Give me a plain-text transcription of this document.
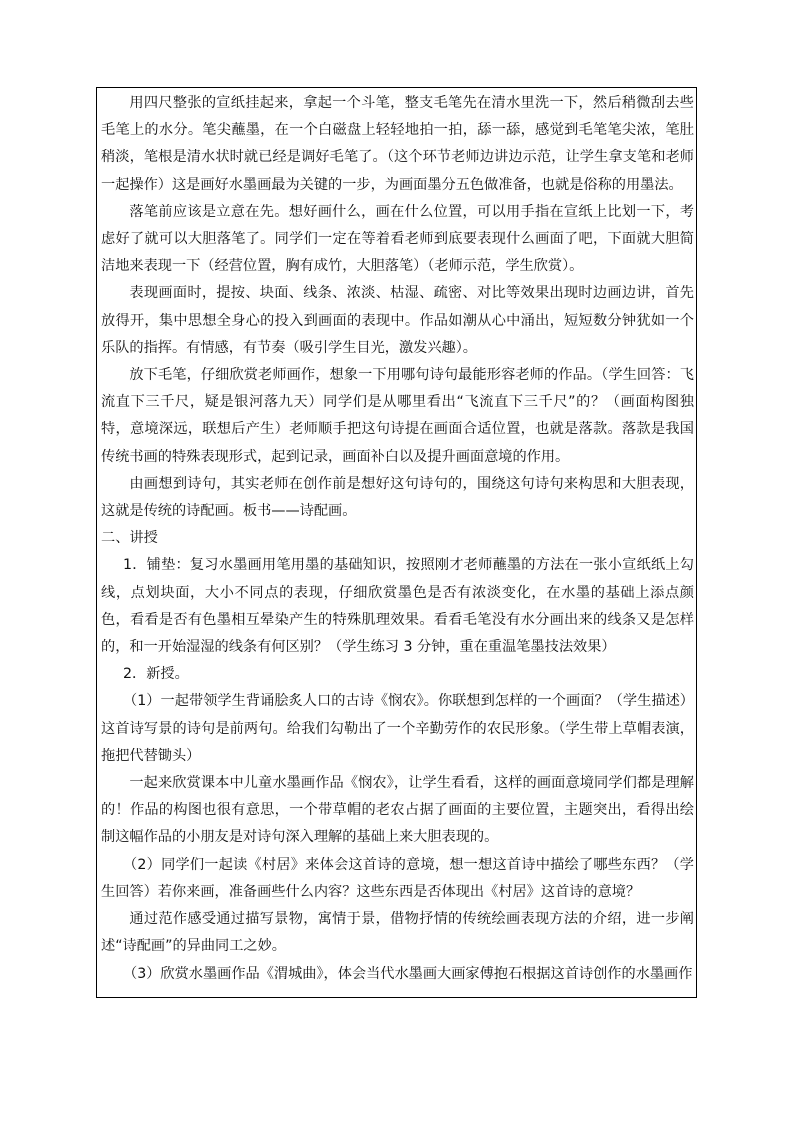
用四尺整张的宣纸挂起来，拿起一个斗笔，整支毛笔先在清水里洗一下，然后稍微刮去些毛笔上的水分。笔尖蘸墨，在一个白磁盘上轻轻地拍一拍，舔一舔，感觉到毛笔笔尖浓，笔肚稍淡，笔根是清水状时就已经是调好毛笔了。（这个环节老师边讲边示范，让学生拿支笔和老师一起操作）这是画好水墨画最为关键的一步，为画面墨分五色做准备，也就是俗称的用墨法。

落笔前应该是立意在先。想好画什么，画在什么位置，可以用手指在宣纸上比划一下，考虑好了就可以大胆落笔了。同学们一定在等着看老师到底要表现什么画面了吧，下面就大胆简洁地来表现一下（经营位置，胸有成竹，大胆落笔）（老师示范，学生欣赏）。

表现画面时，提按、块面、线条、浓淡、枯湿、疏密、对比等效果出现时边画边讲，首先放得开，集中思想全身心的投入到画面的表现中。作品如潮从心中涌出，短短数分钟犹如一个乐队的指挥。有情感，有节奏（吸引学生目光，激发兴趣）。

放下毛笔，仔细欣赏老师画作，想象一下用哪句诗句最能形容老师的作品。（学生回答：飞流直下三千尺，疑是银河落九天）同学们是从哪里看出“飞流直下三千尺”的？（画面构图独特，意境深远，联想后产生）老师顺手把这句诗提在画面合适位置，也就是落款。落款是我国传统书画的特殊表现形式，起到记录，画面补白以及提升画面意境的作用。

由画想到诗句，其实老师在创作前是想好这句诗句的，围绕这句诗句来构思和大胆表现，这就是传统的诗配画。板书——诗配画。

二、讲授

1．铺垫：复习水墨画用笔用墨的基础知识，按照刚才老师蘸墨的方法在一张小宣纸纸上勾线，点划块面，大小不同点的表现，仔细欣赏墨色是否有浓淡变化，在水墨的基础上添点颜色，看看是否有色墨相互晕染产生的特殊肌理效果。看看毛笔没有水分画出来的线条又是怎样的，和一开始湿湿的线条有何区别？（学生练习 3 分钟，重在重温笔墨技法效果）

2．新授。

（1）一起带领学生背诵脍炙人口的古诗《悯农》。你联想到怎样的一个画面？（学生描述）这首诗写景的诗句是前两句。给我们勾勒出了一个辛勤劳作的农民形象。（学生带上草帽表演，拖把代替锄头）

一起来欣赏课本中儿童水墨画作品《悯农》，让学生看看，这样的画面意境同学们都是理解的！作品的构图也很有意思，一个带草帽的老农占据了画面的主要位置，主题突出，看得出绘制这幅作品的小朋友是对诗句深入理解的基础上来大胆表现的。

（2）同学们一起读《村居》来体会这首诗的意境，想一想这首诗中描绘了哪些东西？（学生回答）若你来画，准备画些什么内容？这些东西是否体现出《村居》这首诗的意境？

通过范作感受通过描写景物，寓情于景，借物抒情的传统绘画表现方法的介绍，进一步阐述“诗配画”的异曲同工之妙。

（3）欣赏水墨画作品《渭城曲》，体会当代水墨画大画家傅抱石根据这首诗创作的水墨画作
